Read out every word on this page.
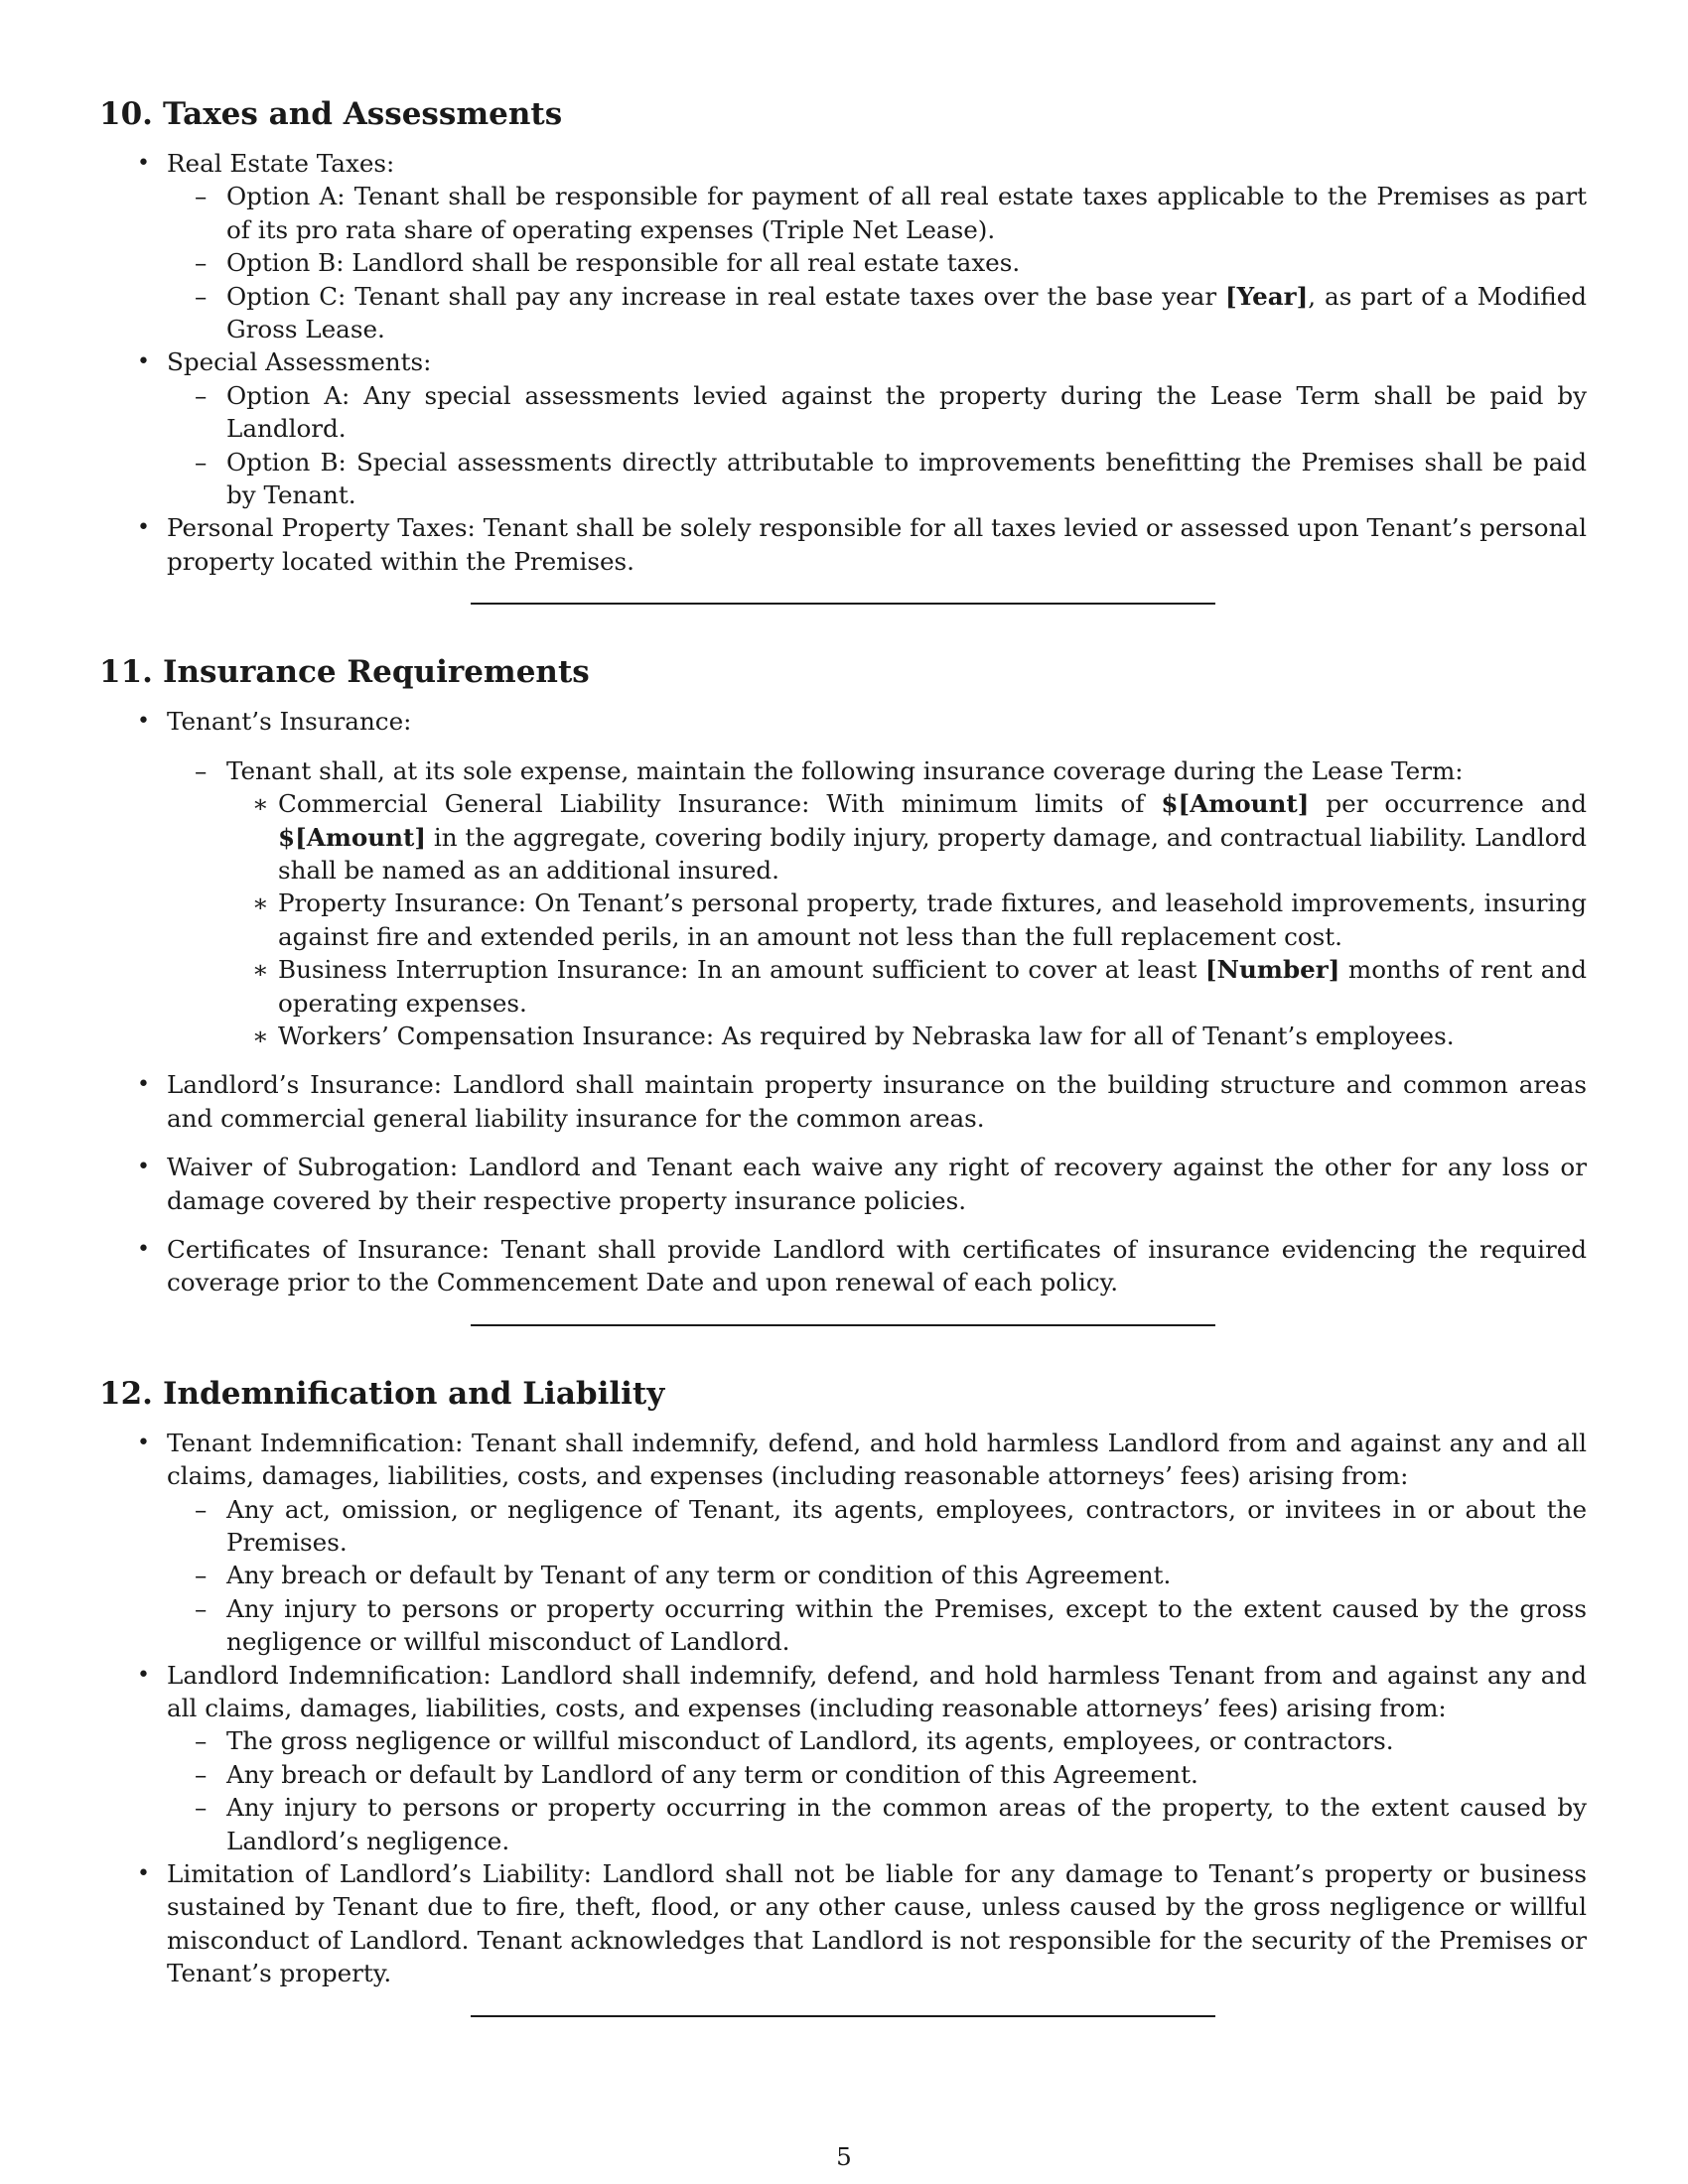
10. Taxes and Assessments
• Real Estate Taxes:
– Option A: Tenant shall be responsible for payment of all real estate taxes applicable to the Premises as part of its pro rata share of operating expenses (Triple Net Lease).
– Option B: Landlord shall be responsible for all real estate taxes.
– Option C: Tenant shall pay any increase in real estate taxes over the base year [Year], as part of a Modified Gross Lease.
• Special Assessments:
– Option A: Any special assessments levied against the property during the Lease Term shall be paid by Landlord.
– Option B: Special assessments directly attributable to improvements benefitting the Premises shall be paid by Tenant.
• Personal Property Taxes: Tenant shall be solely responsible for all taxes levied or assessed upon Tenant’s personal property located within the Premises.
11. Insurance Requirements
• Tenant’s Insurance:
– Tenant shall, at its sole expense, maintain the following insurance coverage during the Lease Term:
∗ Commercial General Liability Insurance: With minimum limits of $[Amount] per occurrence and $[Amount] in the aggregate, covering bodily injury, property damage, and contractual liability. Landlord shall be named as an additional insured.
∗ Property Insurance: On Tenant’s personal property, trade fixtures, and leasehold improvements, insuring against fire and extended perils, in an amount not less than the full replacement cost.
∗ Business Interruption Insurance: In an amount sufficient to cover at least [Number] months of rent and operating expenses.
∗ Workers’ Compensation Insurance: As required by Nebraska law for all of Tenant’s employees.
• Landlord’s Insurance: Landlord shall maintain property insurance on the building structure and common areas and commercial general liability insurance for the common areas.
• Waiver of Subrogation: Landlord and Tenant each waive any right of recovery against the other for any loss or damage covered by their respective property insurance policies.
• Certificates of Insurance: Tenant shall provide Landlord with certificates of insurance evidencing the required coverage prior to the Commencement Date and upon renewal of each policy.
12. Indemnification and Liability
• Tenant Indemnification: Tenant shall indemnify, defend, and hold harmless Landlord from and against any and all claims, damages, liabilities, costs, and expenses (including reasonable attorneys’ fees) arising from:
– Any act, omission, or negligence of Tenant, its agents, employees, contractors, or invitees in or about the Premises.
– Any breach or default by Tenant of any term or condition of this Agreement.
– Any injury to persons or property occurring within the Premises, except to the extent caused by the gross negligence or willful misconduct of Landlord.
• Landlord Indemnification: Landlord shall indemnify, defend, and hold harmless Tenant from and against any and all claims, damages, liabilities, costs, and expenses (including reasonable attorneys’ fees) arising from:
– The gross negligence or willful misconduct of Landlord, its agents, employees, or contractors.
– Any breach or default by Landlord of any term or condition of this Agreement.
– Any injury to persons or property occurring in the common areas of the property, to the extent caused by Landlord’s negligence.
• Limitation of Landlord’s Liability: Landlord shall not be liable for any damage to Tenant’s property or business sustained by Tenant due to fire, theft, flood, or any other cause, unless caused by the gross negligence or willful misconduct of Landlord. Tenant acknowledges that Landlord is not responsible for the security of the Premises or Tenant’s property.
5
